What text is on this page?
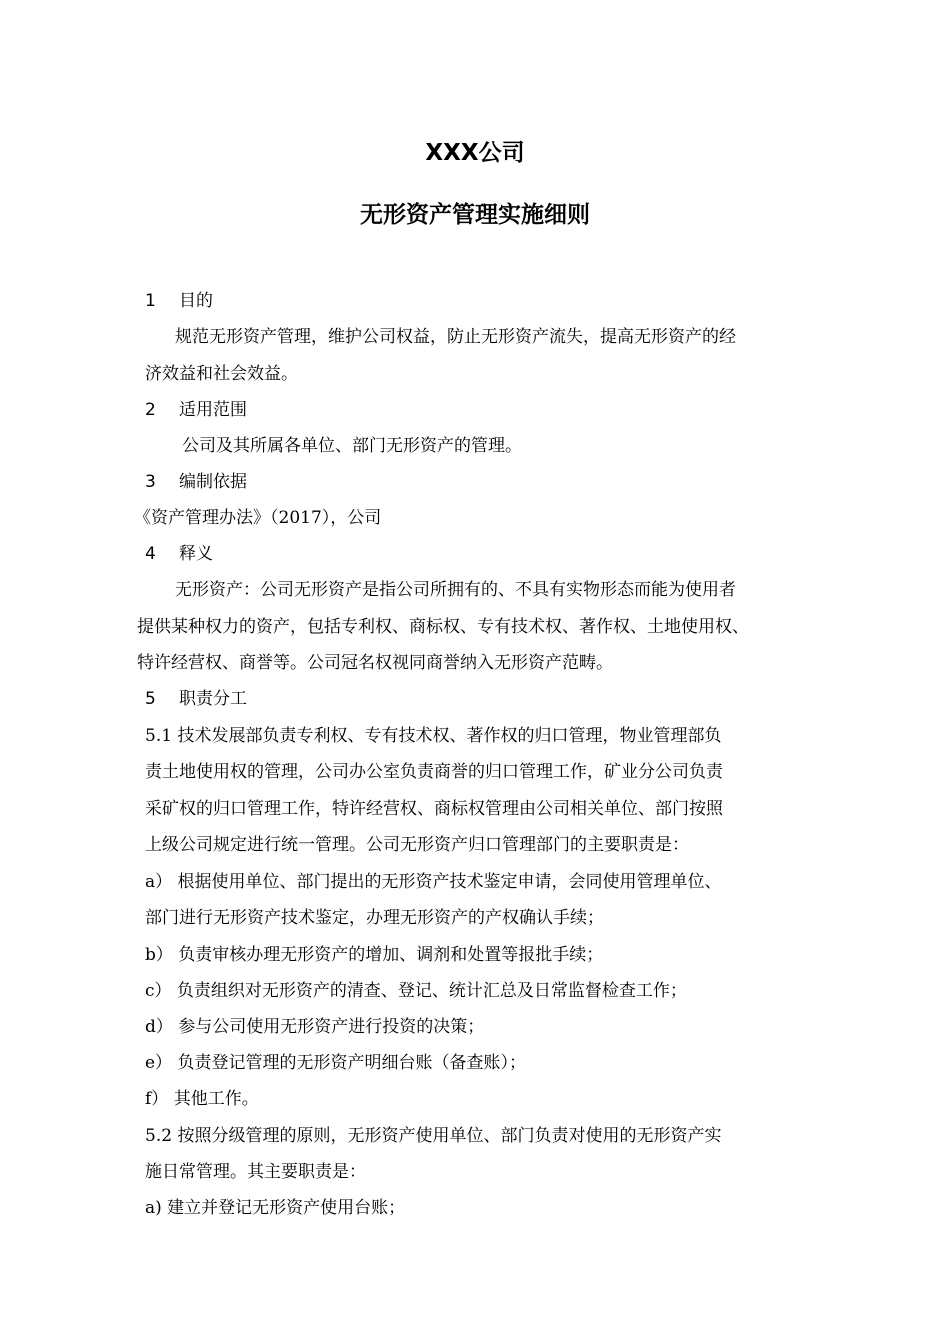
XXX公司
无形资产管理实施细则

1 目的

规范无形资产管理，维护公司权益，防止无形资产流失，提高无形资产的经

济效益和社会效益。

2 适用范围

公司及其所属各单位、部门无形资产的管理。

3 编制依据

《资产管理办法》（2017），公司

4 释义

无形资产：公司无形资产是指公司所拥有的、不具有实物形态而能为使用者

提供某种权力的资产，包括专利权、商标权、专有技术权、著作权、土地使用权、

特许经营权、商誉等。公司冠名权视同商誉纳入无形资产范畴。

5 职责分工

5.1 技术发展部负责专利权、专有技术权、著作权的归口管理，物业管理部负

责土地使用权的管理，公司办公室负责商誉的归口管理工作，矿业分公司负责

采矿权的归口管理工作，特许经营权、商标权管理由公司相关单位、部门按照

上级公司规定进行统一管理。公司无形资产归口管理部门的主要职责是：

a） 根据使用单位、部门提出的无形资产技术鉴定申请，会同使用管理单位、

部门进行无形资产技术鉴定，办理无形资产的产权确认手续；

b） 负责审核办理无形资产的增加、调剂和处置等报批手续；

c） 负责组织对无形资产的清查、登记、统计汇总及日常监督检查工作；

d） 参与公司使用无形资产进行投资的决策；

e） 负责登记管理的无形资产明细台账（备查账）；

f） 其他工作。

5.2 按照分级管理的原则，无形资产使用单位、部门负责对使用的无形资产实

施日常管理。其主要职责是：

a) 建立并登记无形资产使用台账；
